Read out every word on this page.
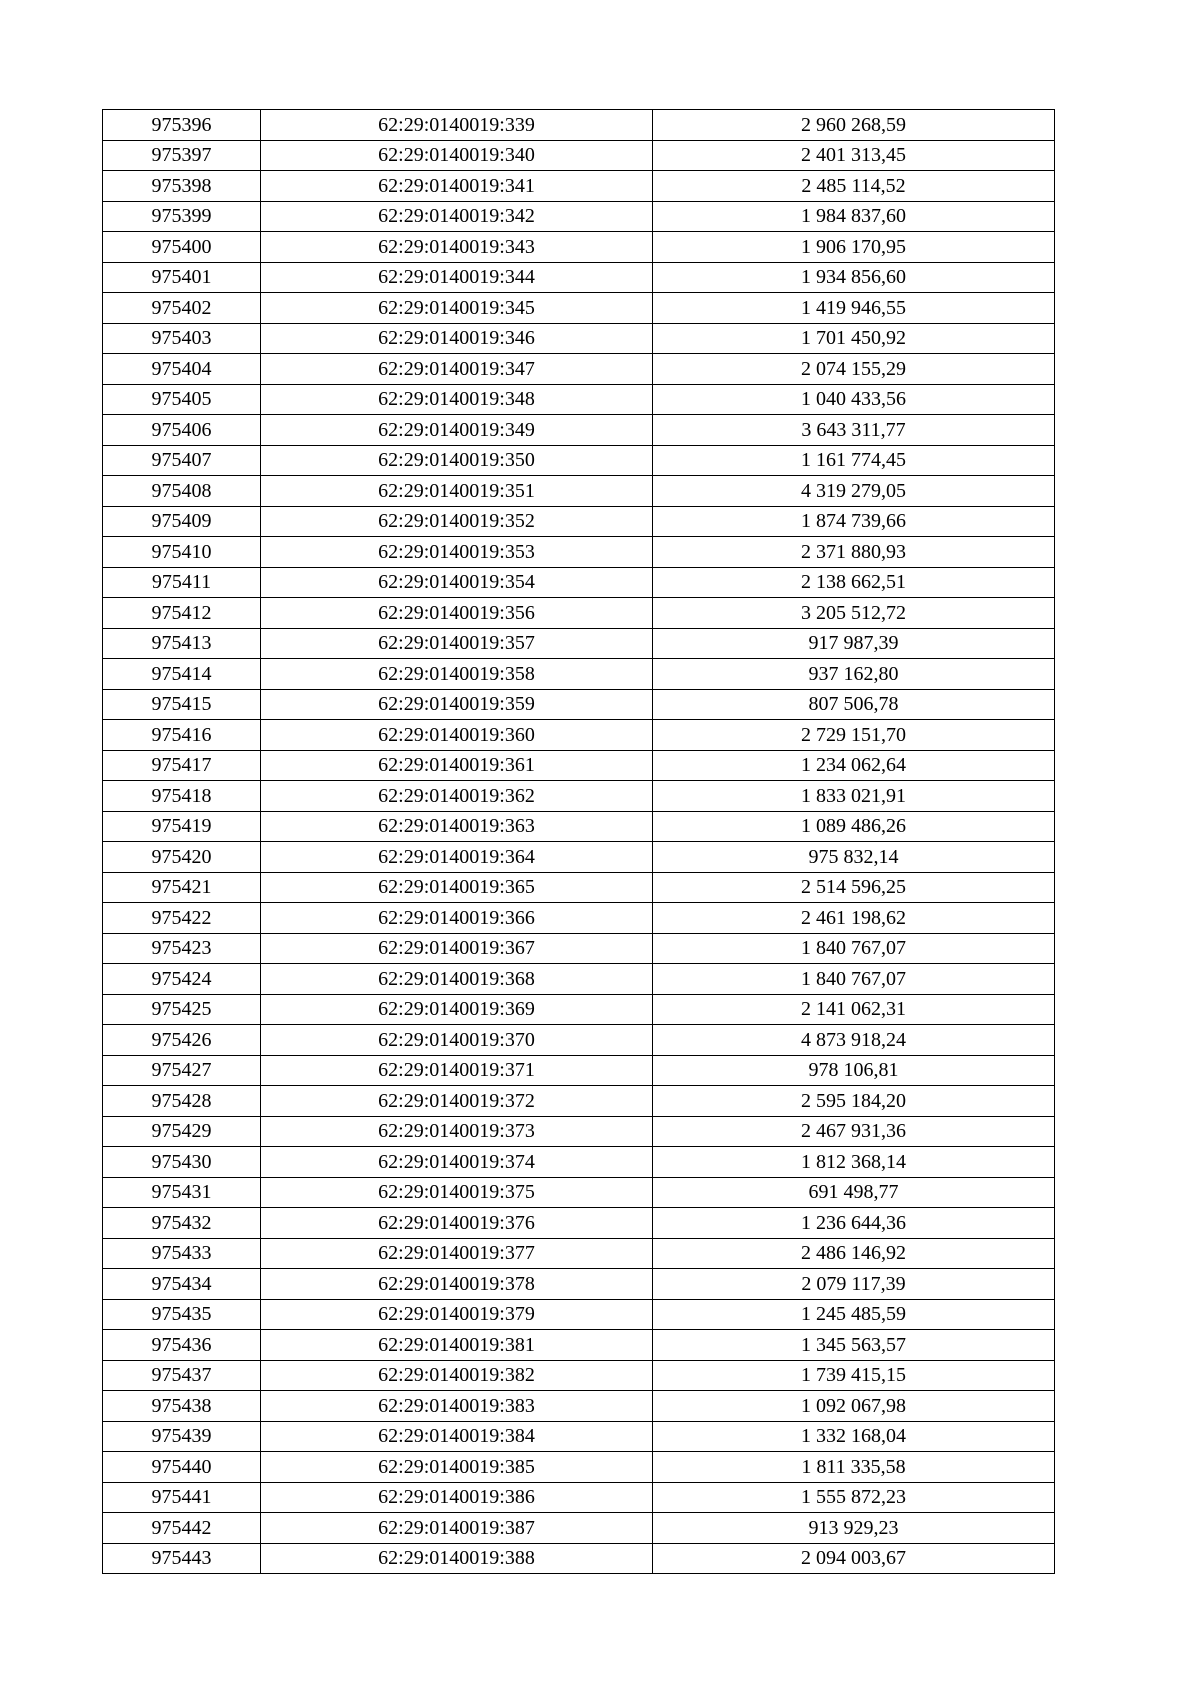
975396	62:29:0140019:339	2 960 268,59
975397	62:29:0140019:340	2 401 313,45
975398	62:29:0140019:341	2 485 114,52
975399	62:29:0140019:342	1 984 837,60
975400	62:29:0140019:343	1 906 170,95
975401	62:29:0140019:344	1 934 856,60
975402	62:29:0140019:345	1 419 946,55
975403	62:29:0140019:346	1 701 450,92
975404	62:29:0140019:347	2 074 155,29
975405	62:29:0140019:348	1 040 433,56
975406	62:29:0140019:349	3 643 311,77
975407	62:29:0140019:350	1 161 774,45
975408	62:29:0140019:351	4 319 279,05
975409	62:29:0140019:352	1 874 739,66
975410	62:29:0140019:353	2 371 880,93
975411	62:29:0140019:354	2 138 662,51
975412	62:29:0140019:356	3 205 512,72
975413	62:29:0140019:357	917 987,39
975414	62:29:0140019:358	937 162,80
975415	62:29:0140019:359	807 506,78
975416	62:29:0140019:360	2 729 151,70
975417	62:29:0140019:361	1 234 062,64
975418	62:29:0140019:362	1 833 021,91
975419	62:29:0140019:363	1 089 486,26
975420	62:29:0140019:364	975 832,14
975421	62:29:0140019:365	2 514 596,25
975422	62:29:0140019:366	2 461 198,62
975423	62:29:0140019:367	1 840 767,07
975424	62:29:0140019:368	1 840 767,07
975425	62:29:0140019:369	2 141 062,31
975426	62:29:0140019:370	4 873 918,24
975427	62:29:0140019:371	978 106,81
975428	62:29:0140019:372	2 595 184,20
975429	62:29:0140019:373	2 467 931,36
975430	62:29:0140019:374	1 812 368,14
975431	62:29:0140019:375	691 498,77
975432	62:29:0140019:376	1 236 644,36
975433	62:29:0140019:377	2 486 146,92
975434	62:29:0140019:378	2 079 117,39
975435	62:29:0140019:379	1 245 485,59
975436	62:29:0140019:381	1 345 563,57
975437	62:29:0140019:382	1 739 415,15
975438	62:29:0140019:383	1 092 067,98
975439	62:29:0140019:384	1 332 168,04
975440	62:29:0140019:385	1 811 335,58
975441	62:29:0140019:386	1 555 872,23
975442	62:29:0140019:387	913 929,23
975443	62:29:0140019:388	2 094 003,67
